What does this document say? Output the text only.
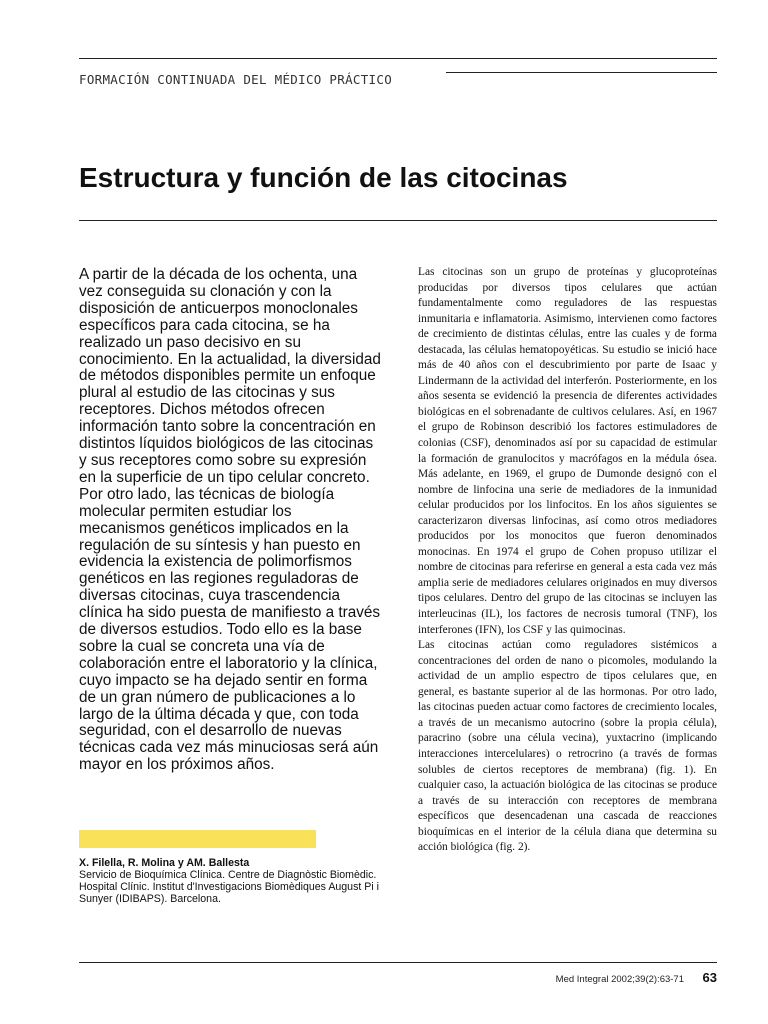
FORMACIÓN CONTINUADA DEL MÉDICO PRÁCTICO
Estructura y función de las citocinas

A partir de la década de los ochenta, una vez conseguida su clonación y con la disposición de anticuerpos monoclonales específicos para cada citocina, se ha realizado un paso decisivo en su conocimiento. En la actualidad, la diversidad de métodos disponibles permite un enfoque plural al estudio de las citocinas y sus receptores. Dichos métodos ofrecen información tanto sobre la concentración en distintos líquidos biológicos de las citocinas y sus receptores como sobre su expresión en la superficie de un tipo celular concreto. Por otro lado, las técnicas de biología molecular permiten estudiar los mecanismos genéticos implicados en la regulación de su síntesis y han puesto en evidencia la existencia de polimorfismos genéticos en las regiones reguladoras de diversas citocinas, cuya trascendencia clínica ha sido puesta de manifiesto a través de diversos estudios. Todo ello es la base sobre la cual se concreta una vía de colaboración entre el laboratorio y la clínica, cuyo impacto se ha dejado sentir en forma de un gran número de publicaciones a lo largo de la última década y que, con toda seguridad, con el desarrollo de nuevas técnicas cada vez más minuciosas será aún mayor en los próximos años.

X. Filella, R. Molina y AM. Ballesta
Servicio de Bioquímica Clínica. Centre de Diagnòstic Biomèdic. Hospital Clínic. Institut d'Investigacions Biomèdiques August Pi i Sunyer (IDIBAPS). Barcelona.

Las citocinas son un grupo de proteínas y glucoproteínas producidas por diversos tipos celulares que actúan fundamentalmente como reguladores de las respuestas inmunitaria e inflamatoria. Asimismo, intervienen como factores de crecimiento de distintas células, entre las cuales y de forma destacada, las células hematopoyéticas. Su estudio se inició hace más de 40 años con el descubrimiento por parte de Isaac y Lindermann de la actividad del interferón. Posteriormente, en los años sesenta se evidenció la presencia de diferentes actividades biológicas en el sobrenadante de cultivos celulares. Así, en 1967 el grupo de Robinson describió los factores estimuladores de colonias (CSF), denominados así por su capacidad de estimular la formación de granulocitos y macrófagos en la médula ósea. Más adelante, en 1969, el grupo de Dumonde designó con el nombre de linfocina una serie de mediadores de la inmunidad celular producidos por los linfocitos. En los años siguientes se caracterizaron diversas linfocinas, así como otros mediadores producidos por los monocitos que fueron denominados monocinas. En 1974 el grupo de Cohen propuso utilizar el nombre de citocinas para referirse en general a esta cada vez más amplia serie de mediadores celulares originados en muy diversos tipos celulares. Dentro del grupo de las citocinas se incluyen las interleucinas (IL), los factores de necrosis tumoral (TNF), los interferones (IFN), los CSF y las quimocinas.

Las citocinas actúan como reguladores sistémicos a concentraciones del orden de nano o picomoles, modulando la actividad de un amplio espectro de tipos celulares que, en general, es bastante superior al de las hormonas. Por otro lado, las citocinas pueden actuar como factores de crecimiento locales, a través de un mecanismo autocrino (sobre la propia célula), paracrino (sobre una célula vecina), yuxtacrino (implicando interacciones intercelulares) o retrocrino (a través de formas solubles de ciertos receptores de membrana) (fig. 1). En cualquier caso, la actuación biológica de las citocinas se produce a través de su interacción con receptores de membrana específicos que desencadenan una cascada de reacciones bioquímicas en el interior de la célula diana que determina su acción biológica (fig. 2).

Med Integral 2002;39(2):63-71 63
